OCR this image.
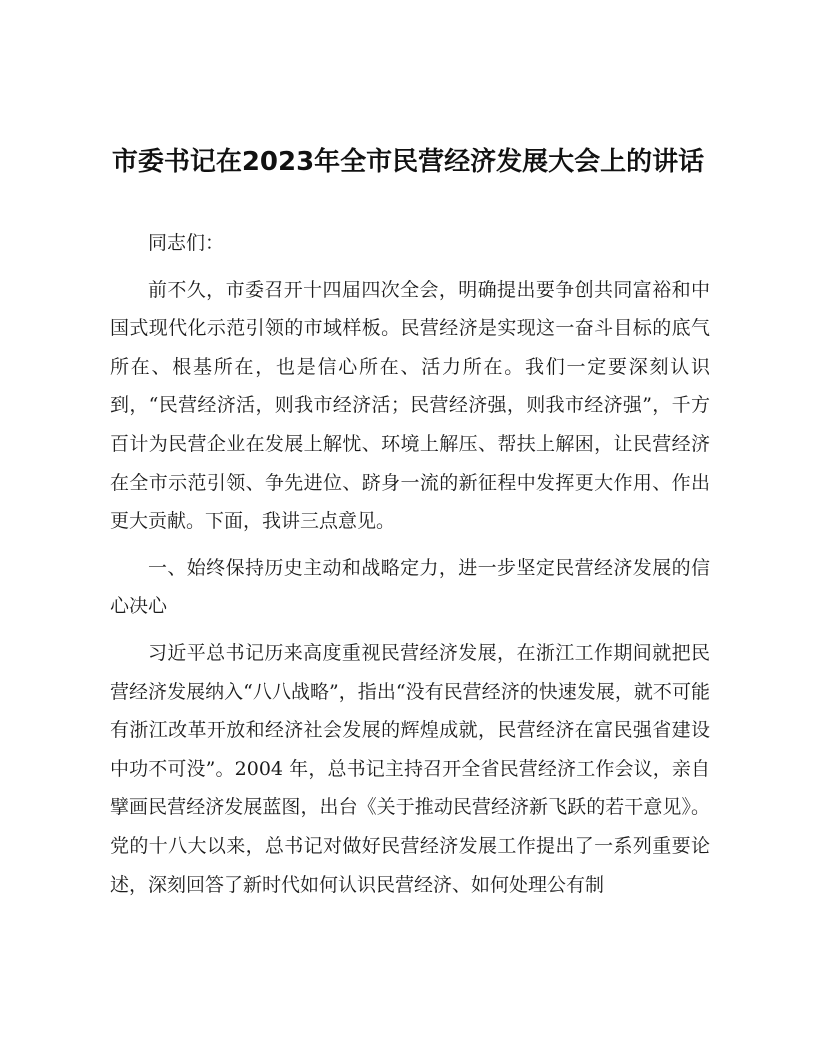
市委书记在2023年全市民营经济发展大会上的讲话

同志们：

前不久，市委召开十四届四次全会，明确提出要争创共同富裕和中国式现代化示范引领的市域样板。民营经济是实现这一奋斗目标的底气所在、根基所在，也是信心所在、活力所在。我们一定要深刻认识到，“民营经济活，则我市经济活；民营经济强，则我市经济强”，千方百计为民营企业在发展上解忧、环境上解压、帮扶上解困，让民营经济在全市示范引领、争先进位、跻身一流的新征程中发挥更大作用、作出更大贡献。下面，我讲三点意见。

一、始终保持历史主动和战略定力，进一步坚定民营经济发展的信心决心

习近平总书记历来高度重视民营经济发展，在浙江工作期间就把民营经济发展纳入“八八战略”，指出“没有民营经济的快速发展，就不可能有浙江改革开放和经济社会发展的辉煌成就，民营经济在富民强省建设中功不可没”。2004 年，总书记主持召开全省民营经济工作会议，亲自擘画民营经济发展蓝图，出台《关于推动民营经济新飞跃的若干意见》。党的十八大以来，总书记对做好民营经济发展工作提出了一系列重要论述，深刻回答了新时代如何认识民营经济、如何处理公有制
